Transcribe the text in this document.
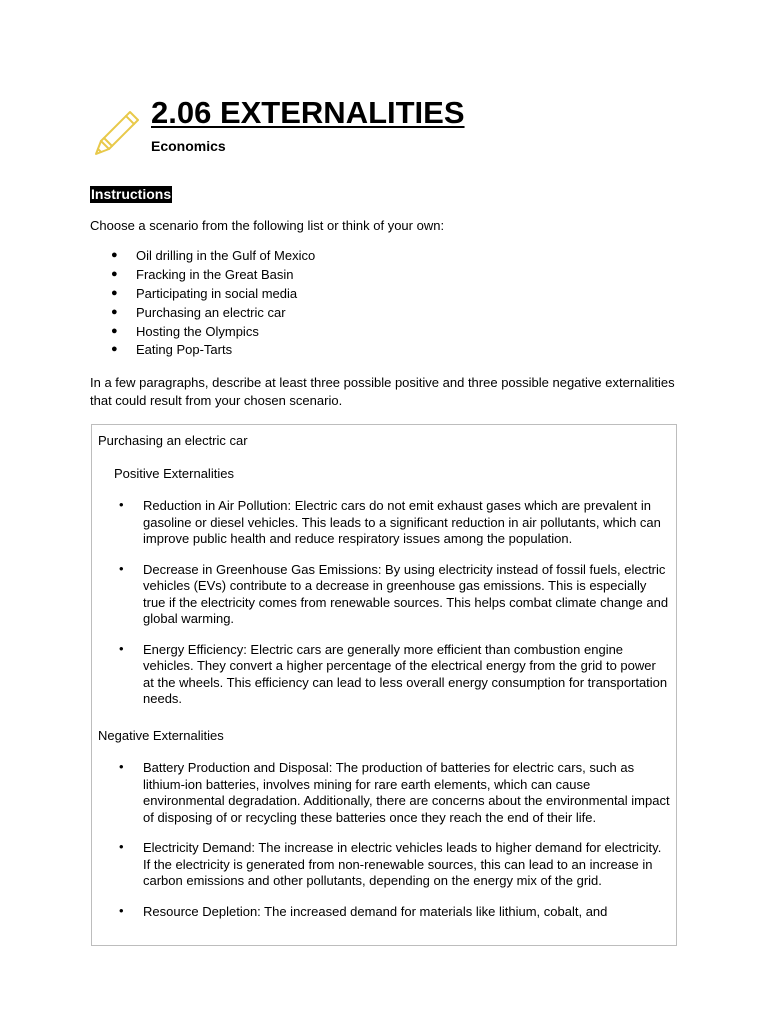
2.06 EXTERNALITIES

Economics

Instructions

Choose a scenario from the following list or think of your own:

● Oil drilling in the Gulf of Mexico
● Fracking in the Great Basin
● Participating in social media
● Purchasing an electric car
● Hosting the Olympics
● Eating Pop-Tarts

In a few paragraphs, describe at least three possible positive and three possible negative externalities that could result from your chosen scenario.

Purchasing an electric car

Positive Externalities

• Reduction in Air Pollution: Electric cars do not emit exhaust gases which are prevalent in gasoline or diesel vehicles. This leads to a significant reduction in air pollutants, which can improve public health and reduce respiratory issues among the population.
• Decrease in Greenhouse Gas Emissions: By using electricity instead of fossil fuels, electric vehicles (EVs) contribute to a decrease in greenhouse gas emissions. This is especially true if the electricity comes from renewable sources. This helps combat climate change and global warming.
• Energy Efficiency: Electric cars are generally more efficient than combustion engine vehicles. They convert a higher percentage of the electrical energy from the grid to power at the wheels. This efficiency can lead to less overall energy consumption for transportation needs.

Negative Externalities

• Battery Production and Disposal: The production of batteries for electric cars, such as lithium-ion batteries, involves mining for rare earth elements, which can cause environmental degradation. Additionally, there are concerns about the environmental impact of disposing of or recycling these batteries once they reach the end of their life.
• Electricity Demand: The increase in electric vehicles leads to higher demand for electricity. If the electricity is generated from non-renewable sources, this can lead to an increase in carbon emissions and other pollutants, depending on the energy mix of the grid.
• Resource Depletion: The increased demand for materials like lithium, cobalt, and
